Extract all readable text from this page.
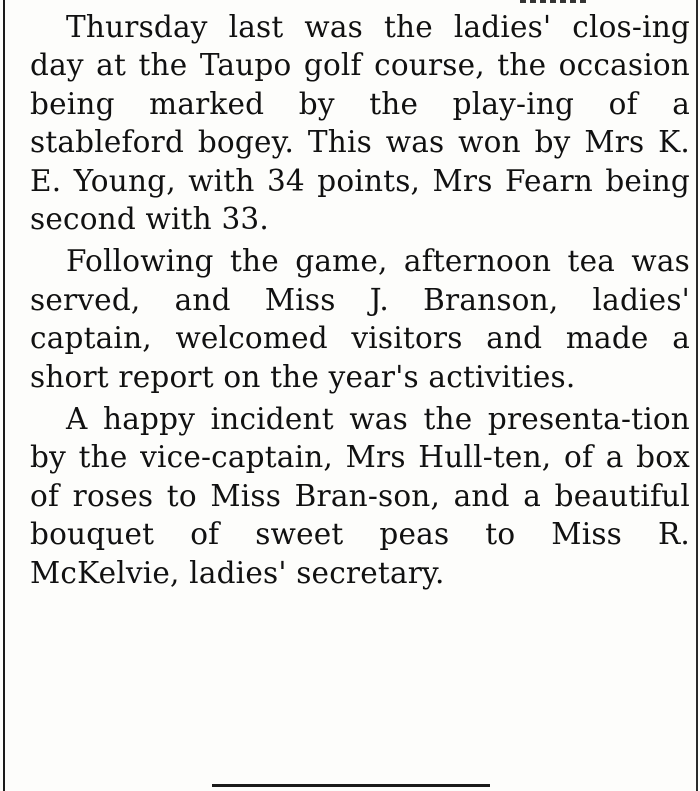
Thursday last was the ladies' clos-ing day at the Taupo golf course, the occasion being marked by the play-ing of a stableford bogey. This was won by Mrs K. E. Young, with 34 points, Mrs Fearn being second with 33.

Following the game, afternoon tea was served, and Miss J. Branson, ladies' captain, welcomed visitors and made a short report on the year's activities.

A happy incident was the presenta-tion by the vice-captain, Mrs Hull-ten, of a box of roses to Miss Bran-son, and a beautiful bouquet of sweet peas to Miss R. McKelvie, ladies' secretary.
